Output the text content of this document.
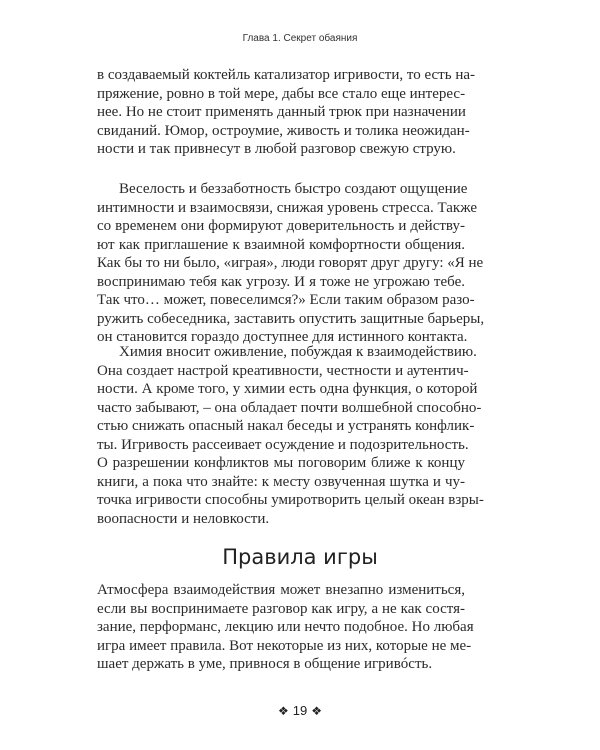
Глава 1. Секрет обаяния
в создаваемый коктейль катализатор игривости, то есть на-
пряжение, ровно в той мере, дабы все стало еще интерес-
нее. Но не стоит применять данный трюк при назначении
свиданий. Юмор, остроумие, живость и толика неожидан-
ности и так привнесут в любой разговор свежую струю.
Веселость и беззаботность быстро создают ощущение
интимности и взаимосвязи, снижая уровень стресса. Также
со временем они формируют доверительность и действу-
ют как приглашение к взаимной комфортности общения.
Как бы то ни было, «играя», люди говорят друг другу: «Я не
воспринимаю тебя как угрозу. И я тоже не угрожаю тебе.
Так что… может, повеселимся?» Если таким образом разо-
ружить собеседника, заставить опустить защитные барьеры,
он становится гораздо доступнее для истинного контакта.
Химия вносит оживление, побуждая к взаимодействию.
Она создает настрой креативности, честности и аутентич-
ности. А кроме того, у химии есть одна функция, о которой
часто забывают, – она обладает почти волшебной способно-
стью снижать опасный накал беседы и устранять конфлик-
ты. Игривость рассеивает осуждение и подозрительность.
О разрешении конфликтов мы поговорим ближе к концу
книги, а пока что знайте: к месту озвученная шутка и чу-
точка игривости способны умиротворить целый океан взры-
воопасности и неловкости.
Правила игры
Атмосфера взаимодействия может внезапно измениться,
если вы воспринимаете разговор как игру, а не как состя-
зание, перформанс, лекцию или нечто подобное. Но любая
игра имеет правила. Вот некоторые из них, которые не ме-
шает держать в уме, привнося в общение игривóсть.
❖ 19 ❖
